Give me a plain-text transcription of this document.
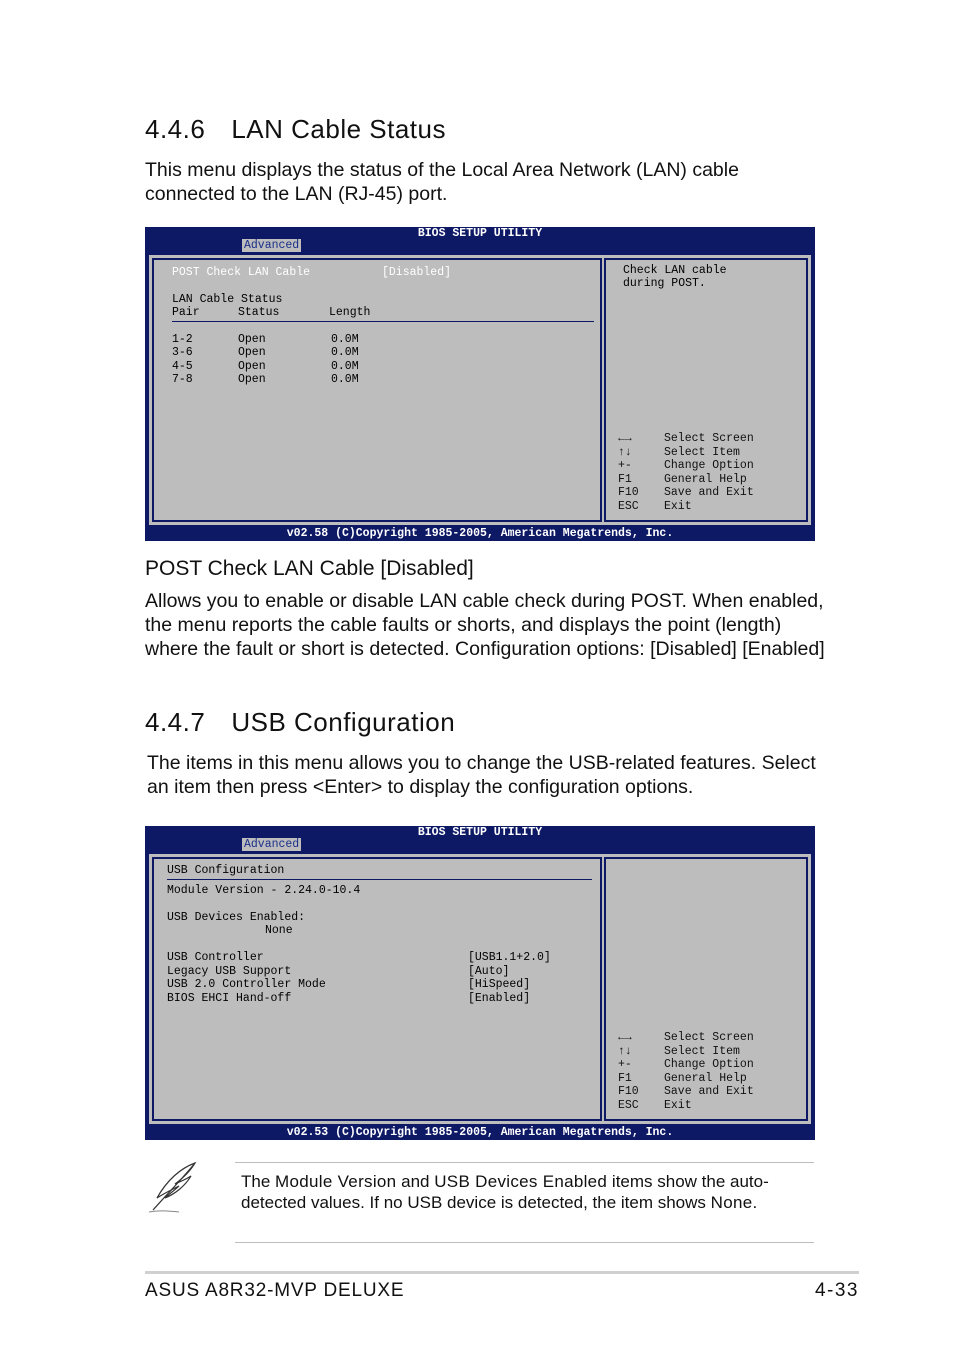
4.4.6 LAN Cable Status
This menu displays the status of the Local Area Network (LAN) cable connected to the LAN (RJ-45) port.
BIOS SETUP UTILITY
Advanced
POST Check LAN Cable	[Disabled]
LAN Cable Status
Pair	Status	Length
1-2	Open	0.0M
3-6	Open	0.0M
4-5	Open	0.0M
7-8	Open	0.0M
Check LAN cable
during POST.
←→	Select Screen
↑↓	Select Item
+-	Change Option
F1	General Help
F10	Save and Exit
ESC	Exit
v02.58 (C)Copyright 1985-2005, American Megatrends, Inc.
POST Check LAN Cable [Disabled]
Allows you to enable or disable LAN cable check during POST. When enabled, the menu reports the cable faults or shorts, and displays the point (length) where the fault or short is detected. Configuration options: [Disabled] [Enabled]
4.4.7 USB Configuration
The items in this menu allows you to change the USB-related features. Select an item then press <Enter> to display the configuration options.
BIOS SETUP UTILITY
Advanced
USB Configuration
Module Version - 2.24.0-10.4
USB Devices Enabled:
None
USB Controller	[USB1.1+2.0]
Legacy USB Support	[Auto]
USB 2.0 Controller Mode	[HiSpeed]
BIOS EHCI Hand-off	[Enabled]
←→	Select Screen
↑↓	Select Item
+-	Change Option
F1	General Help
F10	Save and Exit
ESC	Exit
v02.53 (C)Copyright 1985-2005, American Megatrends, Inc.
The Module Version and USB Devices Enabled items show the auto-detected values. If no USB device is detected, the item shows None.
ASUS A8R32-MVP DELUXE	4-33
